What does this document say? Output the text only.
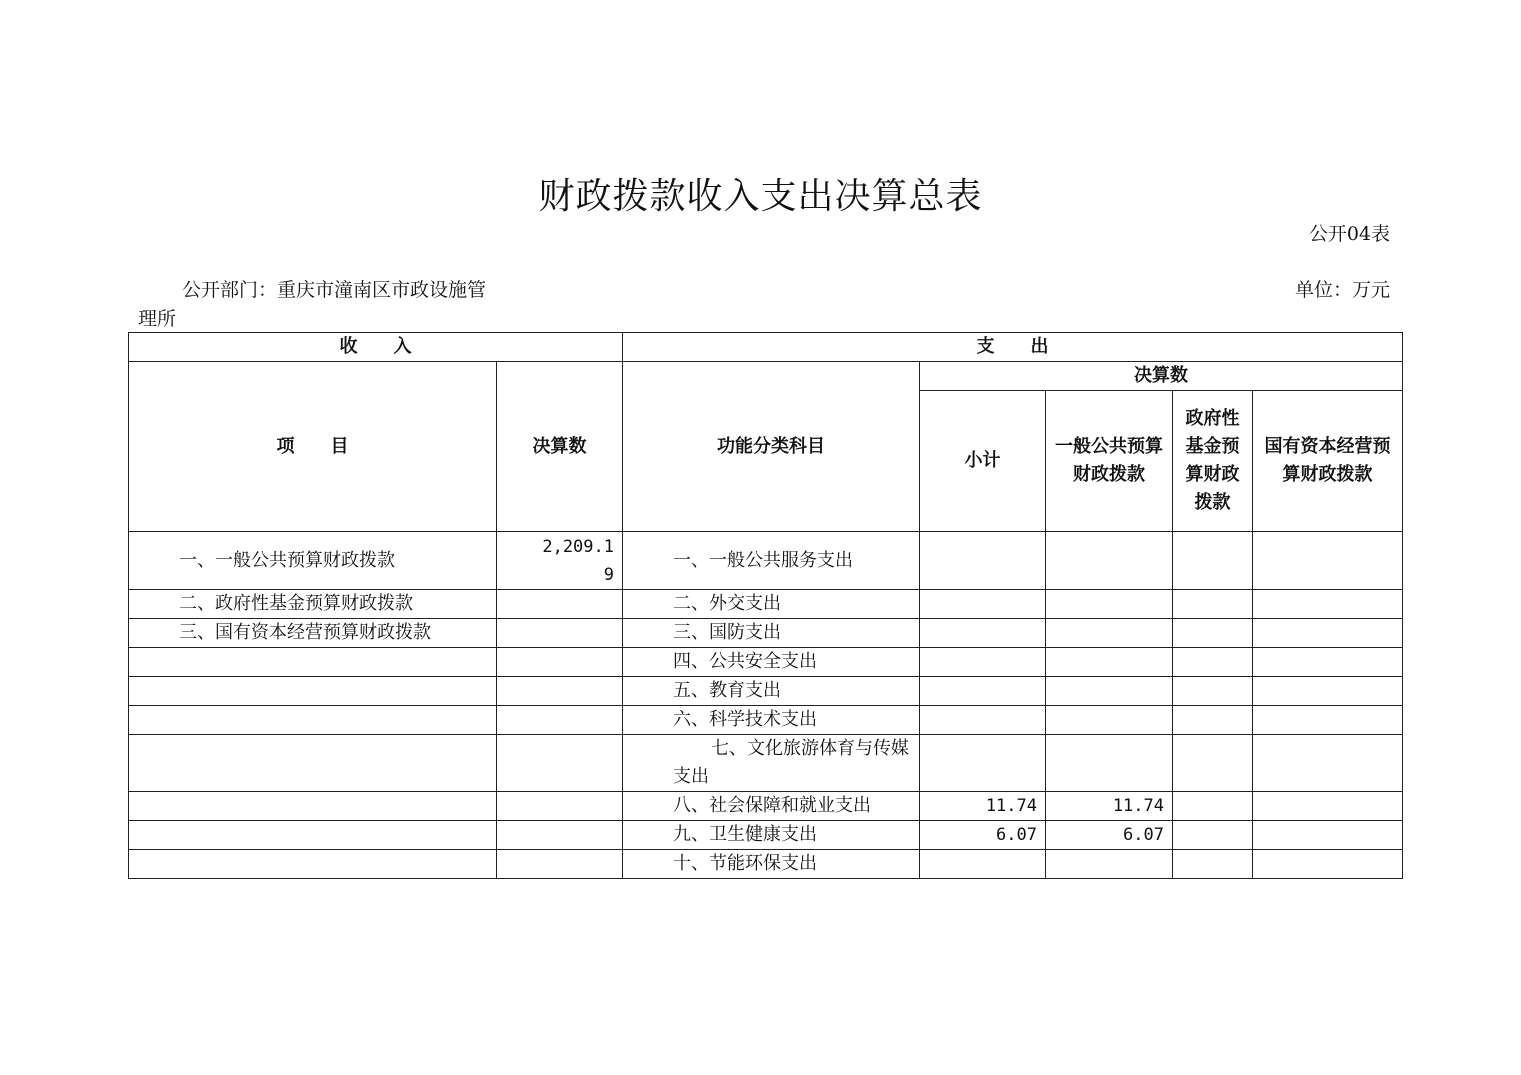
财政拨款收入支出决算总表
公开04表
公开部门：重庆市潼南区市政设施管理所
单位：万元
收　　入		支　　出				
项　　目	决算数	功能分类科目	决算数			
			小计	一般公共预算财政拨款	政府性基金预算财政拨款	国有资本经营预算财政拨款
一、一般公共预算财政拨款	2,209.19	一、一般公共服务支出				
二、政府性基金预算财政拨款		二、外交支出				
三、国有资本经营预算财政拨款		三、国防支出				
		四、公共安全支出				
		五、教育支出				
		六、科学技术支出				
		七、文化旅游体育与传媒支出				
		八、社会保障和就业支出	11.74	11.74		
		九、卫生健康支出	6.07	6.07		
		十、节能环保支出				
